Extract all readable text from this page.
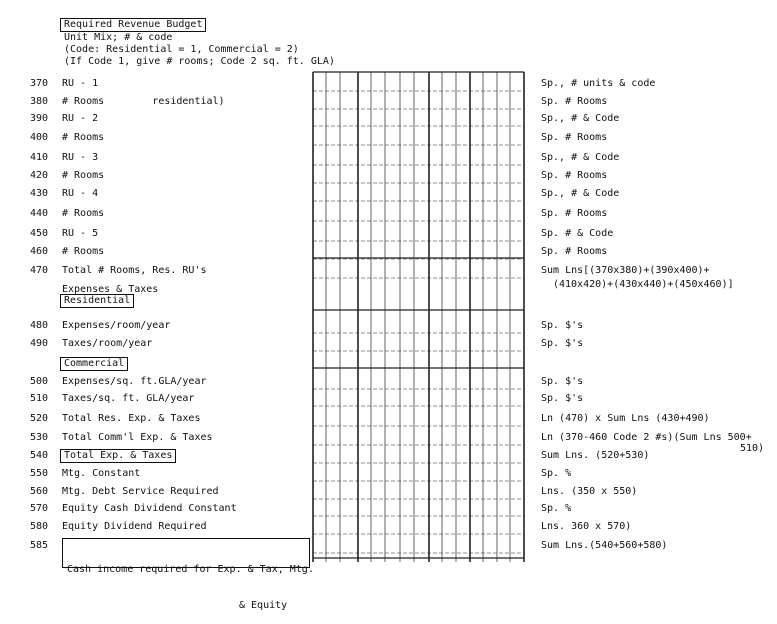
Required Revenue Budget
Unit Mix; # & code
(Code: Residential = 1, Commercial = 2)
(If Code 1, give # rooms; Code 2 sq. ft. GLA)
370
380
390
400
410
420
430
440
450
460
470
480
490
500
510
520
530
540
550
560
570
580
585
RU - 1
# Rooms        residential)
RU - 2
# Rooms
RU - 3
# Rooms
RU - 4
# Rooms
RU - 5
# Rooms
Total # Rooms, Res. RU's
Expenses & Taxes
Residential
Expenses/room/year
Taxes/room/year
Commercial
Expenses/sq. ft.GLA/year
Taxes/sq. ft. GLA/year
Total Res. Exp. & Taxes
Total Comm'l Exp. & Taxes
Total Exp. & Taxes
Mtg. Constant
Mtg. Debt Service Required
Equity Cash Dividend Constant
Equity Dividend Required

Cash income required for Exp. & Tax, Mtg.

& Equity

Sp., # units & code
Sp. # Rooms
Sp., # & Code
Sp. # Rooms
Sp., # & Code
Sp. # Rooms
Sp., # & Code
Sp. # Rooms
Sp. # & Code
Sp. # Rooms
Sum Lns[(370x380)+(390x400)+
(410x420)+(430x440)+(450x460)]
Sp. $'s
Sp. $'s
Sp. $'s
Sp. $'s
Ln (470) x Sum Lns (430+490)
Ln (370-460 Code 2 #s)(Sum Lns 500+
510)
Sum Lns. (520+530)
Sp. %
Lns. (350 x 550)
Sp. %
Lns. 360 x 570)
Sum Lns.(540+560+580)
